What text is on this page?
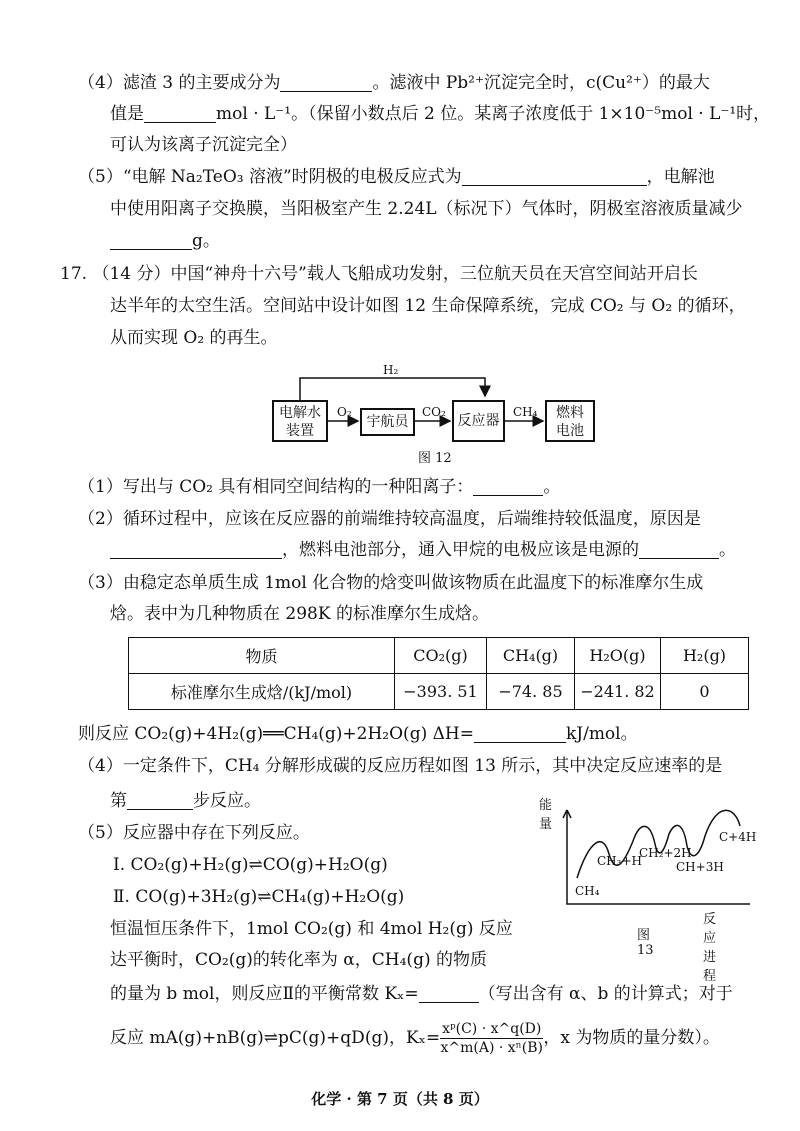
（4）滤渣 3 的主要成分为	。滤液中 Pb²⁺沉淀完全时，c(Cu²⁺）的最大
值是	mol · L⁻¹。（保留小数点后 2 位。某离子浓度低于 1×10⁻⁵mol · L⁻¹时，
可认为该离子沉淀完全）
（5）“电解 Na₂TeO₃ 溶液”时阴极的电极反应式为	，电解池
中使用阳离子交换膜，当阳极室产生 2.24L（标况下）气体时，阴极室溶液质量减少
g。
17. （14 分）中国“神舟十六号”载人飞船成功发射，三位航天员在天宫空间站开启长
达半年的太空生活。空间站中设计如图 12 生命保障系统，完成 CO₂ 与 O₂ 的循环，
从而实现 O₂ 的再生。
电解水
装置
宇航员	反应器	燃料
电池
H₂
O₂	CO₂	CH₄
图 12
（1）写出与 CO₂ 具有相同空间结构的一种阳离子：	。
（2）循环过程中，应该在反应器的前端维持较高温度，后端维持较低温度，原因是
，燃料电池部分，通入甲烷的电极应该是电源的	。
（3）由稳定态单质生成 1mol 化合物的焓变叫做该物质在此温度下的标准摩尔生成
焓。表中为几种物质在 298K 的标准摩尔生成焓。
物质	CO₂(g)	CH₄(g)	H₂O(g)	H₂(g)
标准摩尔生成焓/(kJ/mol)	−393. 51	−74. 85	−241. 82	0
则反应 CO₂(g)+4H₂(g)══CH₄(g)+2H₂O(g) ΔH=	kJ/mol。
（4）一定条件下，CH₄ 分解形成碳的反应历程如图 13 所示，其中决定反应速率的是
第	步反应。
（5）反应器中存在下列反应。
Ⅰ. CO₂(g)+H₂(g)⇌CO(g)+H₂O(g)
Ⅱ. CO(g)+3H₂(g)⇌CH₄(g)+H₂O(g)
恒温恒压条件下，1mol CO₂(g) 和 4mol H₂(g) 反应
达平衡时，CO₂(g)的转化率为 α，CH₄(g) 的物质
的量为 b mol，则反应Ⅱ的平衡常数 Kₓ=	（写出含有 α、b 的计算式；对于
反应 mA(g)+nB(g)⇌pC(g)+qD(g)，$K_x= \frac{\text{xᵖ(C) · x\textasciicircum{}q(D)}}{\text{x\textasciicircum{}m(A) · xⁿ(B)}}$ ，x 为物质的量分数）。
能量
CH₄
CH₃+H
CH₂+2H
CH+3H
C+4H
反应进程
图 13
化学 · 第 7 页（共 8 页）
